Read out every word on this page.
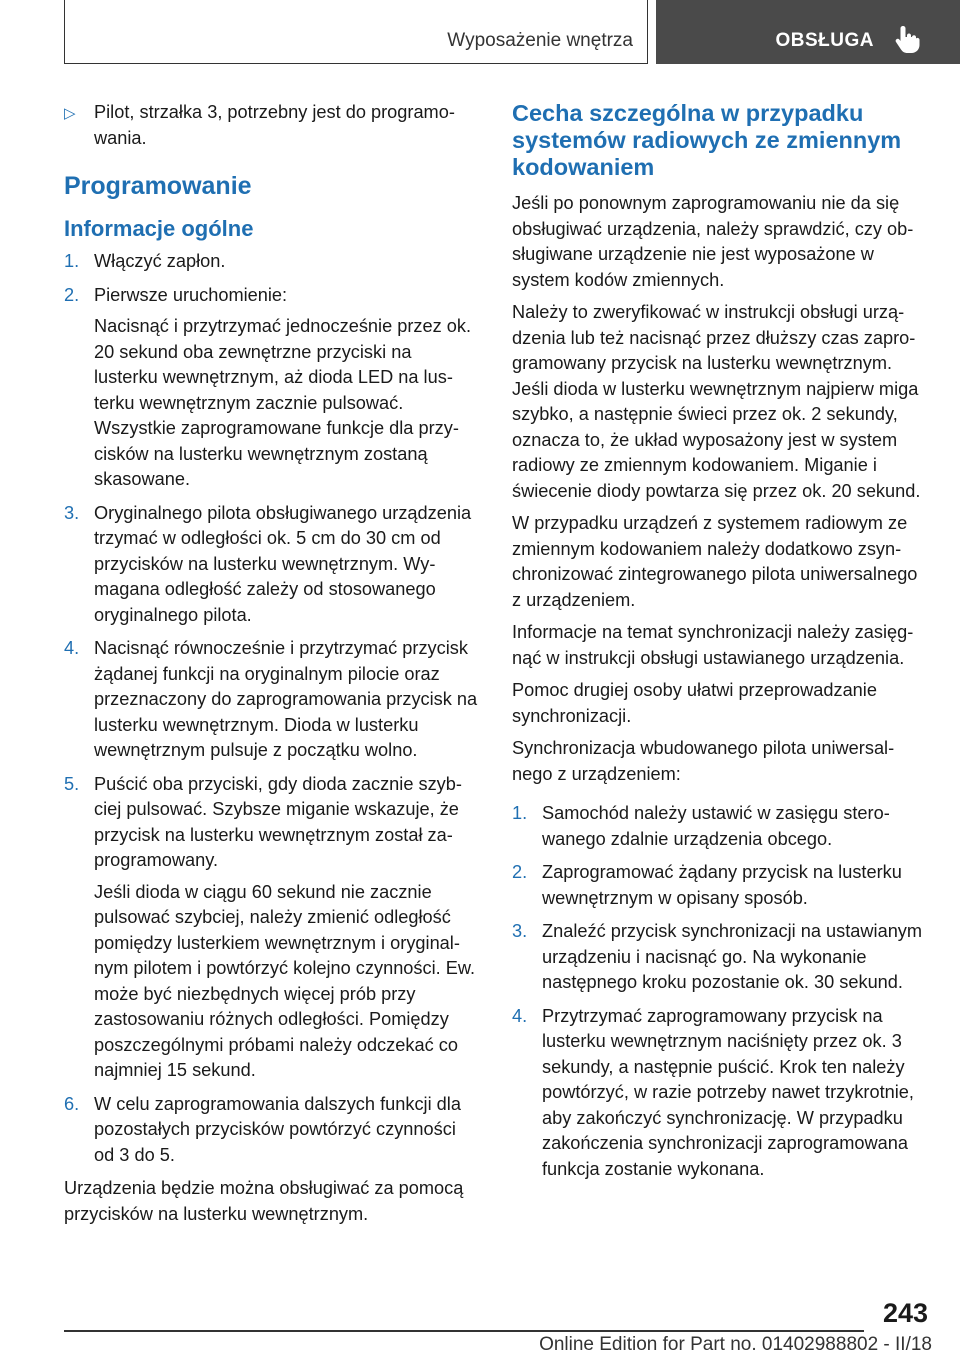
Wyposażenie wnętrza	OBSŁUGA
▷ Pilot, strzałka 3, potrzebny jest do programowania.
Programowanie
Informacje ogólne
1. Włączyć zapłon.

2. Pierwsze uruchomienie:

Nacisnąć i przytrzymać jednocześnie przez ok. 20 sekund oba zewnętrzne przyciski na lusterku wewnętrznym, aż dioda LED na lusterku wewnętrznym zacznie pulsować. Wszystkie zaprogramowane funkcje dla przycisków na lusterku wewnętrznym zostaną skasowane.

3. Oryginalnego pilota obsługiwanego urządzenia trzymać w odległości ok. 5 cm do 30 cm od przycisków na lusterku wewnętrznym. Wymagana odległość zależy od stosowanego oryginalnego pilota.

4. Nacisnąć równocześnie i przytrzymać przycisk żądanej funkcji na oryginalnym pilocie oraz przeznaczony do zaprogramowania przycisk na lusterku wewnętrznym. Dioda w lusterku wewnętrznym pulsuje z początku wolno.

5. Puścić oba przyciski, gdy dioda zacznie szybciej pulsować. Szybsze miganie wskazuje, że przycisk na lusterku wewnętrznym został zaprogramowany.

Jeśli dioda w ciągu 60 sekund nie zacznie pulsować szybciej, należy zmienić odległość pomiędzy lusterkiem wewnętrznym i oryginalnym pilotem i powtórzyć kolejno czynności. Ew. może być niezbędnych więcej prób przy zastosowaniu różnych odległości. Pomiędzy poszczególnymi próbami należy odczekać co najmniej 15 sekund.

6. W celu zaprogramowania dalszych funkcji dla pozostałych przycisków powtórzyć czynności od 3 do 5.

Urządzenia będzie można obsługiwać za pomocą przycisków na lusterku wewnętrznym.

Cecha szczególna w przypadku systemów radiowych ze zmiennym kodowaniem

Jeśli po ponownym zaprogramowaniu nie da się obsługiwać urządzenia, należy sprawdzić, czy obsługiwane urządzenie nie jest wyposażone w system kodów zmiennych.

Należy to zweryfikować w instrukcji obsługi urządzenia lub też nacisnąć przez dłuższy czas zaprogramowany przycisk na lusterku wewnętrznym. Jeśli dioda w lusterku wewnętrznym najpierw miga szybko, a następnie świeci przez ok. 2 sekundy, oznacza to, że układ wyposażony jest w system radiowy ze zmiennym kodowaniem. Miganie i świecenie diody powtarza się przez ok. 20 sekund.

W przypadku urządzeń z systemem radiowym ze zmiennym kodowaniem należy dodatkowo zsynchronizować zintegrowanego pilota uniwersalnego z urządzeniem.

Informacje na temat synchronizacji należy zasięgnąć w instrukcji obsługi ustawianego urządzenia.

Pomoc drugiej osoby ułatwi przeprowadzanie synchronizacji.

Synchronizacja wbudowanego pilota uniwersalnego z urządzeniem:

1. Samochód należy ustawić w zasięgu sterowanego zdalnie urządzenia obcego.

2. Zaprogramować żądany przycisk na lusterku wewnętrznym w opisany sposób.

3. Znaleźć przycisk synchronizacji na ustawianym urządzeniu i nacisnąć go. Na wykonanie następnego kroku pozostanie ok. 30 sekund.

4. Przytrzymać zaprogramowany przycisk na lusterku wewnętrznym naciśnięty przez ok. 3 sekundy, a następnie puścić. Krok ten należy powtórzyć, w razie potrzeby nawet trzykrotnie, aby zakończyć synchronizację. W przypadku zakończenia synchronizacji zaprogramowana funkcja zostanie wykonana.

243
Online Edition for Part no. 01402988802 - II/18
